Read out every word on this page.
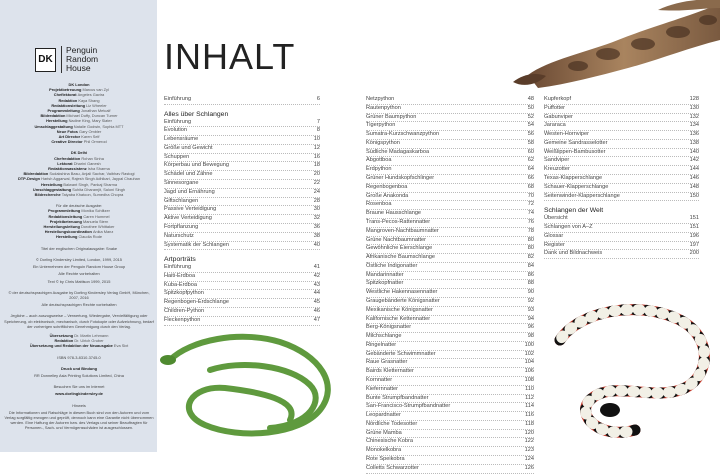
DK
Penguin
Random
House
DK London
Projektbetreuung Marcus van Zyl
Cheflektorat Angeles Gavira
Redaktion Kaya Shang
Redaktionsleitung Liz Wheeler
Programmleitung Jonathan Metcalf
Bildredaktion Michael Duffy, Duncan Turner
Herstellung Nadine King, Mary Slater
Umschlaggestaltung Natalie Godwin, Sophia MTT
Neue Fotos Gary Ombler
Art Director Karen Self
Creative Director Phil Ormerod
DK Delhi
Chefredaktion Rohan Sinha
Lektorat Dharini Ganesh
Redaktionsassistenz Isha Sharma
Bildredaktion Sudakshina Basu, Anjali Sachar, Vaibhav Rastogi
DTP-Design Harish Aggarwal, Rajesh Singh Adhikari, Jaypal Chauhan
Herstellung Balwant Singh, Pankaj Sharma
Umschlaggestaltung Suhita Dharamjit, Saloni Singh
Bildrecherche Taiyaba Khatoon, Sumedha Chopra
Für die deutsche Ausgabe:
Programmleitung Monika Schlitzer
Redaktionsleitung Caren Hummel
Projektbetreuung Manuela Stern
Herstellungsleitung Dorothee Whittaker
Herstellungskoordination Anika Manz
Herstellung Claudia Rode
Titel der englischen Originalausgabe: Snake
© Dorling Kindersley Limited, London, 1999, 2015
Ein Unternehmen der Penguin Random House Group
Alle Rechte vorbehalten
Text © by Chris Mattison 1999, 2015
© der deutschsprachigen Ausgabe by Dorling Kindersley Verlag GmbH, München, 2007, 2016
Alle deutschsprachigen Rechte vorbehalten
Jegliche – auch auszugsweise – Verwertung, Wiedergabe, Vervielfältigung oder Speicherung, ob elektronisch, mechanisch, durch Fotokopie oder Aufzeichnung, bedarf der vorherigen schriftlichen Genehmigung durch den Verlag.
Übersetzung Dr. Martin Lehmann
Redaktion Dr. Ulrich Gruber
Übersetzung und Redaktion der Neuausgabe Eva Sixt
ISBN 978-3-8310-3745-0
Druck und Bindung
RR Donnelley Asia Printing Solutions Limited, China
Besuchen Sie uns im Internet
www.dorlingkindersley.de
Hinweis
Die Informationen und Ratschläge in diesem Buch sind von den Autoren und vom Verlag sorgfältig erwogen und geprüft, dennoch kann eine Garantie nicht übernommen werden. Eine Haftung der Autoren bzw. des Verlags und seiner Beauftragten für Personen-, Sach- und Vermögensschäden ist ausgeschlossen.
INHALT
Einführung	6
Alles über Schlangen
Einführung	7
Evolution	8
Lebensräume	10
Größe und Gewicht	12
Schuppen	16
Körperbau und Bewegung	18
Schädel und Zähne	20
Sinnesorgane	22
Jagd und Ernährung	24
Giftschlangen	28
Passive Verteidigung	30
Aktive Verteidigung	32
Fortpflanzung	36
Naturschutz	38
Systematik der Schlangen	40
Artporträts
Einführung	41
Haiti-Erdboa	42
Kuba-Erdboa	43
Spitzkopfpython	44
Regenbogen-Erdschlange	45
Children-Python	46
Fleckenpython	47
Netzpython	48
Rautenpython	50
Grüner Baumpython	52
Tigerpython	54
Sumatra-Kurzschwanzpython	56
Königspython	58
Südliche Madagaskarboa	60
Abgottboa	62
Erdpython	64
Grüner Hundskopfschlinger	66
Regenbogenboa	68
Große Anakonda	70
Rosenboa	72
Braune Hausschlange	74
Trans-Pecos-Rattennatter	76
Mangroven-Nachtbaumnatter	78
Grüne Nachtbaumnatter	80
Gewöhnliche Eierschlange	80
Afrikanische Baumschlange	82
Östliche Indigonatter	84
Mandarinnatter	86
Spitzkopfnatter	88
Westliche Hakennasennatter	90
Graugebänderte Königsnatter	92
Mexikanische Königsnatter	93
Kalifornische Kettennatter	94
Berg-Königsnatter	96
Milchschlange	98
Ringelnatter	100
Gebänderte Schwimmnatter	102
Raue Grasnatter	104
Bairds Kletternatter	106
Kornnatter	108
Kiefernnatter	110
Bunte Strumpfbandnatter	112
San-Francisco-Strumpfbandnatter	114
Leopardnatter	116
Nördliche Todesotter	118
Grüne Mamba	120
Chinesische Kobra	122
Monokelkobra	123
Rote Speikobra	124
Colletts Schwarzotter	126
Kupferkopf	128
Puffotter	130
Gabunviper	132
Jararaca	134
Westen-Hornviper	136
Gemeine Sandrasselotter	138
Weißlippen-Bambusotter	140
Sandviper	142
Kreuzotter	144
Texas-Klapperschlange	146
Schauer-Klapperschlange	148
Seitenwinder-Klapperschlange	150
Schlangen der Welt
Übersicht	151
Schlangen von A–Z	151
Glossar	196
Register	197
Dank und Bildnachweis	200
